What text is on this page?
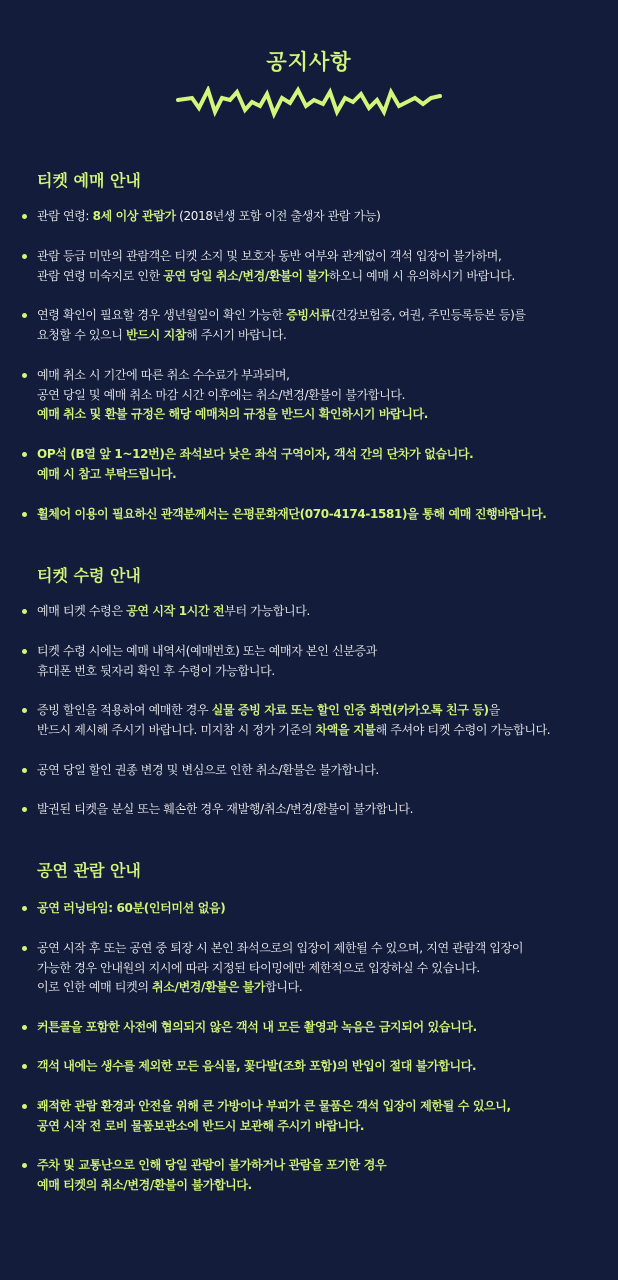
공지사항
티켓 예매 안내
관람 연령: 8세 이상 관람가 (2018년생 포함 이전 출생자 관람 가능)
관람 등급 미만의 관람객은 티켓 소지 및 보호자 동반 여부와 관계없이 객석 입장이 불가하며,
관람 연령 미숙지로 인한 공연 당일 취소/변경/환불이 불가하오니 예매 시 유의하시기 바랍니다.
연령 확인이 필요할 경우 생년월일이 확인 가능한 증빙서류(건강보험증, 여권, 주민등록등본 등)를
요청할 수 있으니 반드시 지참해 주시기 바랍니다.
예매 취소 시 기간에 따른 취소 수수료가 부과되며,
공연 당일 및 예매 취소 마감 시간 이후에는 취소/변경/환불이 불가합니다.
예매 취소 및 환불 규정은 해당 예매처의 규정을 반드시 확인하시기 바랍니다.
OP석 (B열 앞 1~12번)은 좌석보다 낮은 좌석 구역이자, 객석 간의 단차가 없습니다.
예매 시 참고 부탁드립니다.
휠체어 이용이 필요하신 관객분께서는 은평문화재단(070-4174-1581)을 통해 예매 진행바랍니다.
티켓 수령 안내
예매 티켓 수령은 공연 시작 1시간 전부터 가능합니다.
티켓 수령 시에는 예매 내역서(예매번호) 또는 예매자 본인 신분증과
휴대폰 번호 뒷자리 확인 후 수령이 가능합니다.
증빙 할인을 적용하여 예매한 경우 실물 증빙 자료 또는 할인 인증 화면(카카오톡 친구 등)을
반드시 제시해 주시기 바랍니다. 미지참 시 정가 기준의 차액을 지불해 주셔야 티켓 수령이 가능합니다.
공연 당일 할인 권종 변경 및 변심으로 인한 취소/환불은 불가합니다.
발권된 티켓을 분실 또는 훼손한 경우 재발행/취소/변경/환불이 불가합니다.
공연 관람 안내
공연 러닝타임: 60분(인터미션 없음)
공연 시작 후 또는 공연 중 퇴장 시 본인 좌석으로의 입장이 제한될 수 있으며, 지연 관람객 입장이
가능한 경우 안내원의 지시에 따라 지정된 타이밍에만 제한적으로 입장하실 수 있습니다.
이로 인한 예매 티켓의 취소/변경/환불은 불가합니다.
커튼콜을 포함한 사전에 협의되지 않은 객석 내 모든 촬영과 녹음은 금지되어 있습니다.
객석 내에는 생수를 제외한 모든 음식물, 꽃다발(조화 포함)의 반입이 절대 불가합니다.
쾌적한 관람 환경과 안전을 위해 큰 가방이나 부피가 큰 물품은 객석 입장이 제한될 수 있으니,
공연 시작 전 로비 물품보관소에 반드시 보관해 주시기 바랍니다.
주차 및 교통난으로 인해 당일 관람이 불가하거나 관람을 포기한 경우
예매 티켓의 취소/변경/환불이 불가합니다.
